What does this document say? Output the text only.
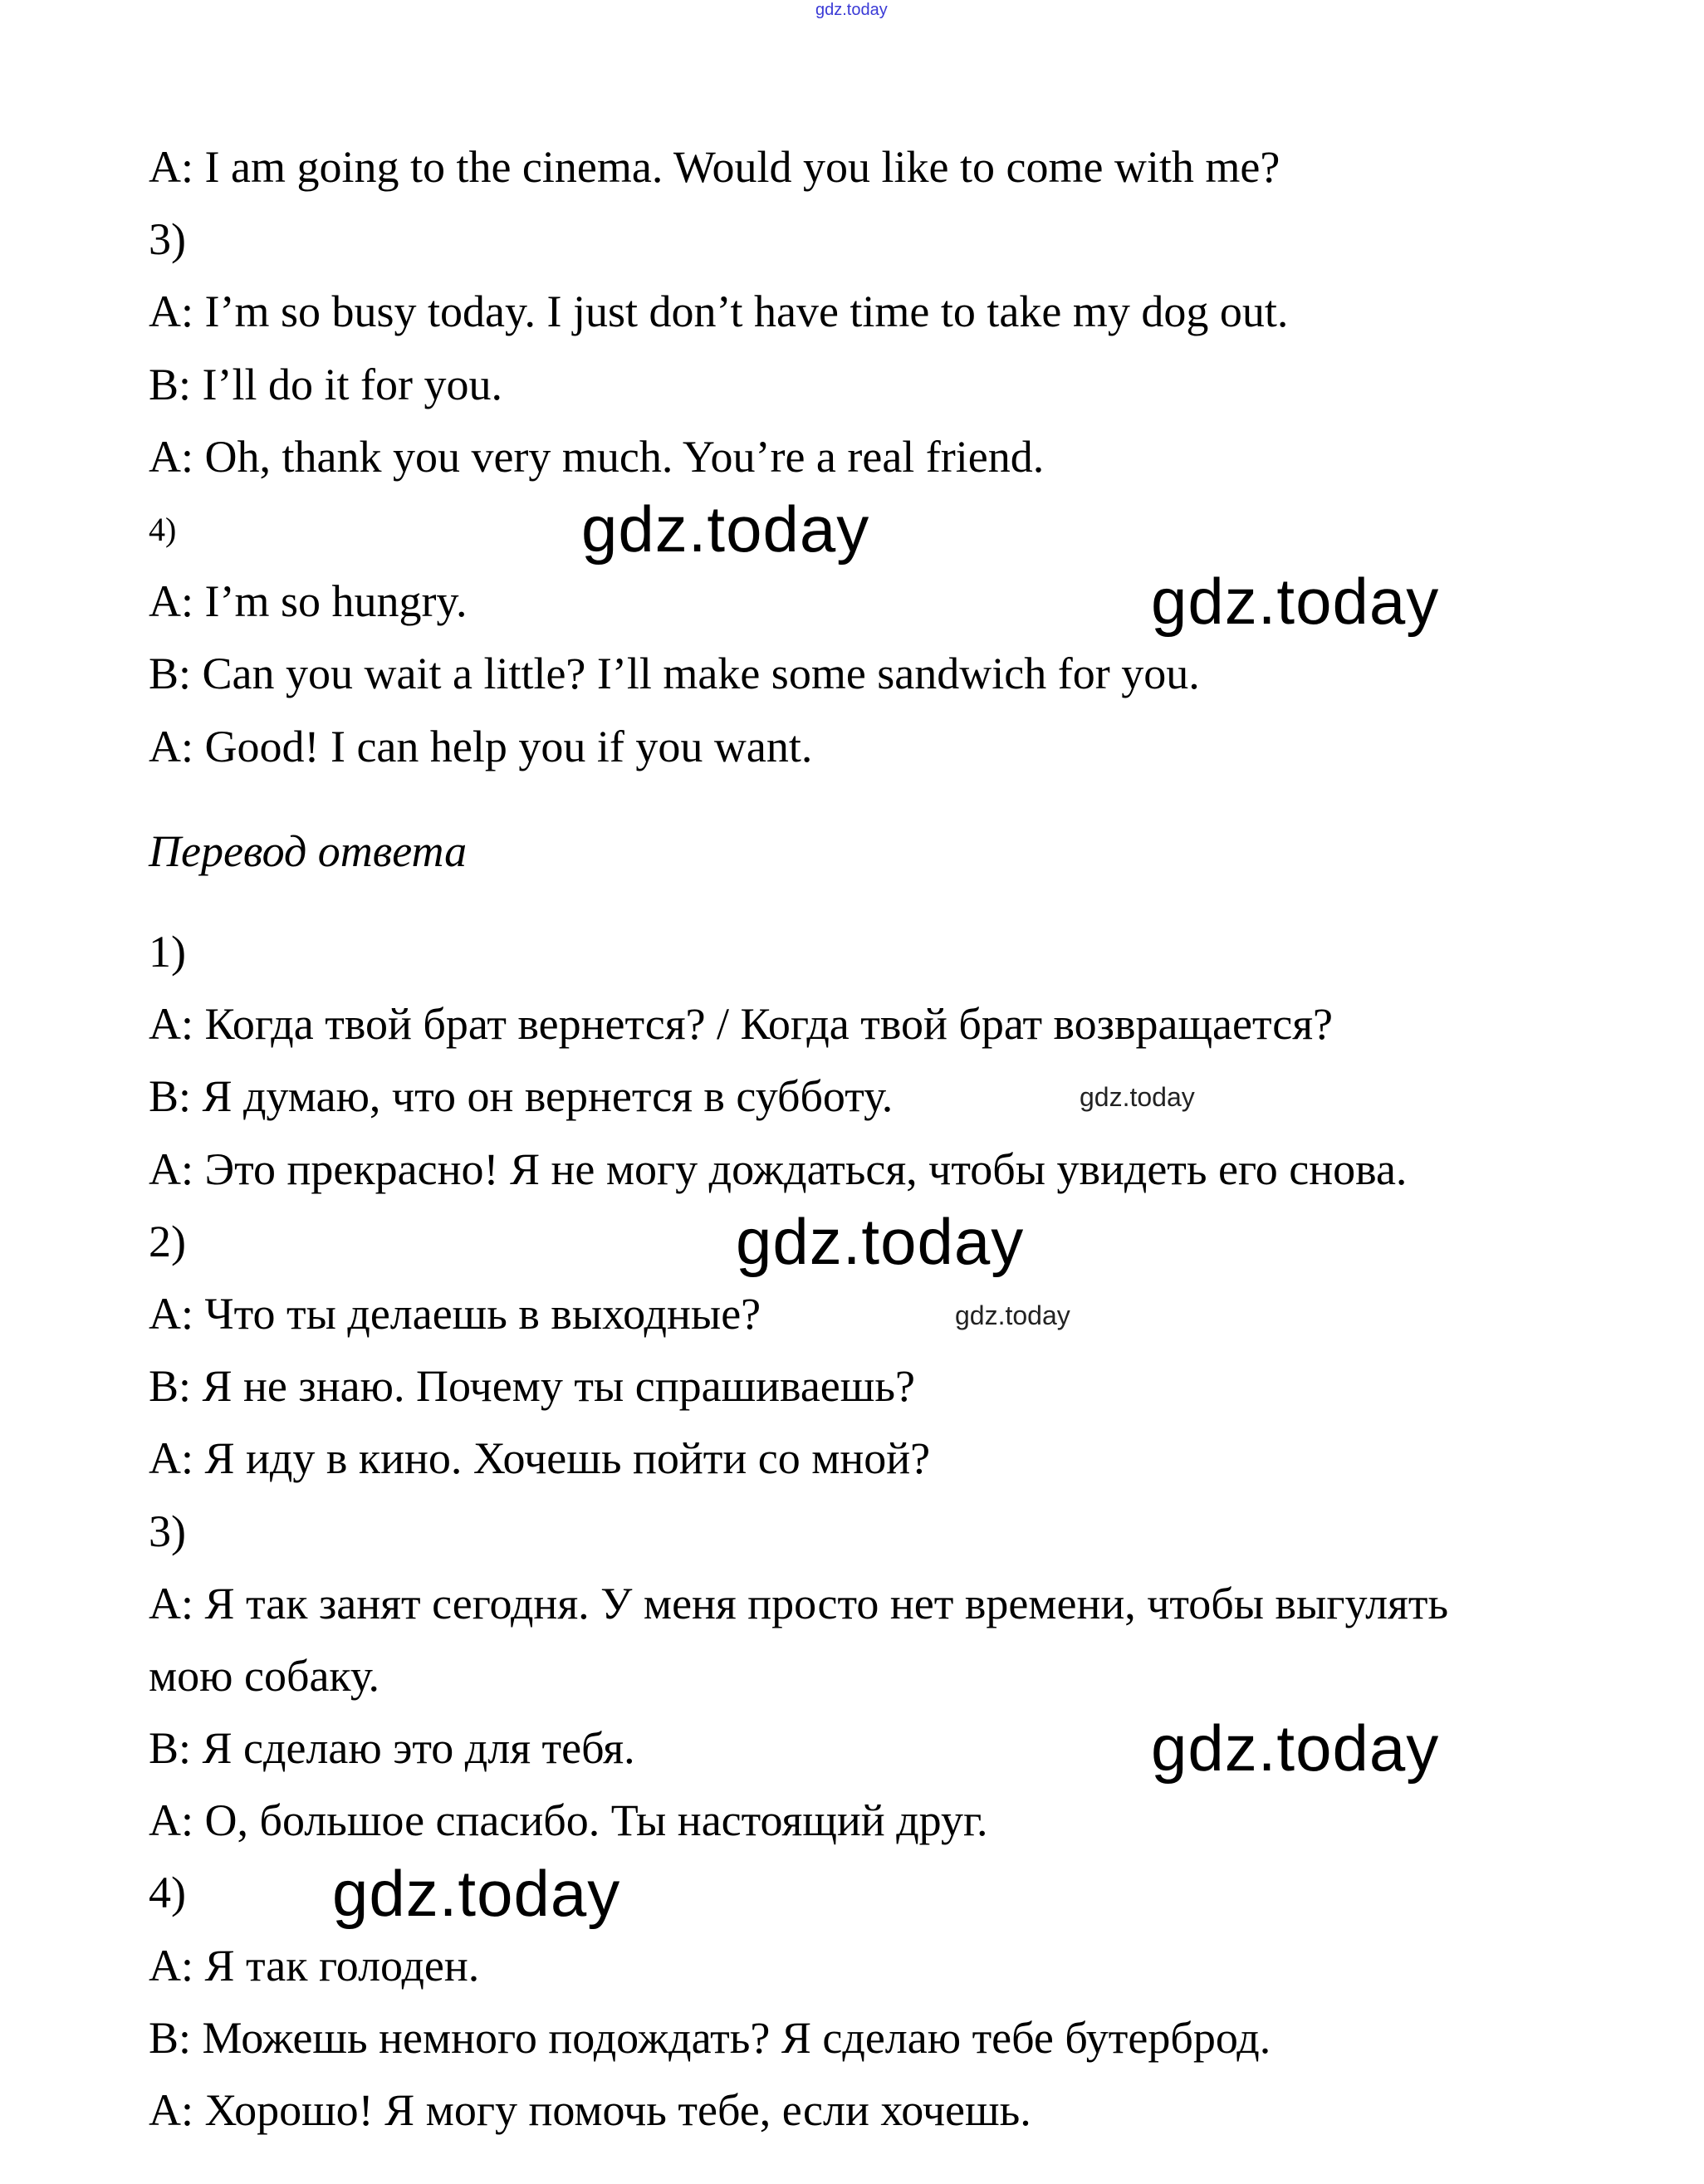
gdz.today
A: I am going to the cinema. Would you like to come with me?
3)
A: I’m so busy today. I just don’t have time to take my dog out.
B: I’ll do it for you.
A: Oh, thank you very much. You’re a real friend.
4)
A: I’m so hungry.
B: Can you wait a little? I’ll make some sandwich for you.
A: Good! I can help you if you want.
Перевод ответа
1)
A: Когда твой брат вернется? / Когда твой брат возвращается?
B: Я думаю, что он вернется в субботу.
A: Это прекрасно! Я не могу дождаться, чтобы увидеть его снова.
2)
A: Что ты делаешь в выходные?
B: Я не знаю. Почему ты спрашиваешь?
A: Я иду в кино. Хочешь пойти со мной?
3)
A: Я так занят сегодня. У меня просто нет времени, чтобы выгулять
мою собаку.
B: Я сделаю это для тебя.
A: О, большое спасибо. Ты настоящий друг.
4)
A: Я так голоден.
B: Можешь немного подождать? Я сделаю тебе бутерброд.
A: Хорошо! Я могу помочь тебе, если хочешь.
gdz.today
gdz.today
gdz.today
gdz.today
gdz.today
gdz.today
gdz.today
